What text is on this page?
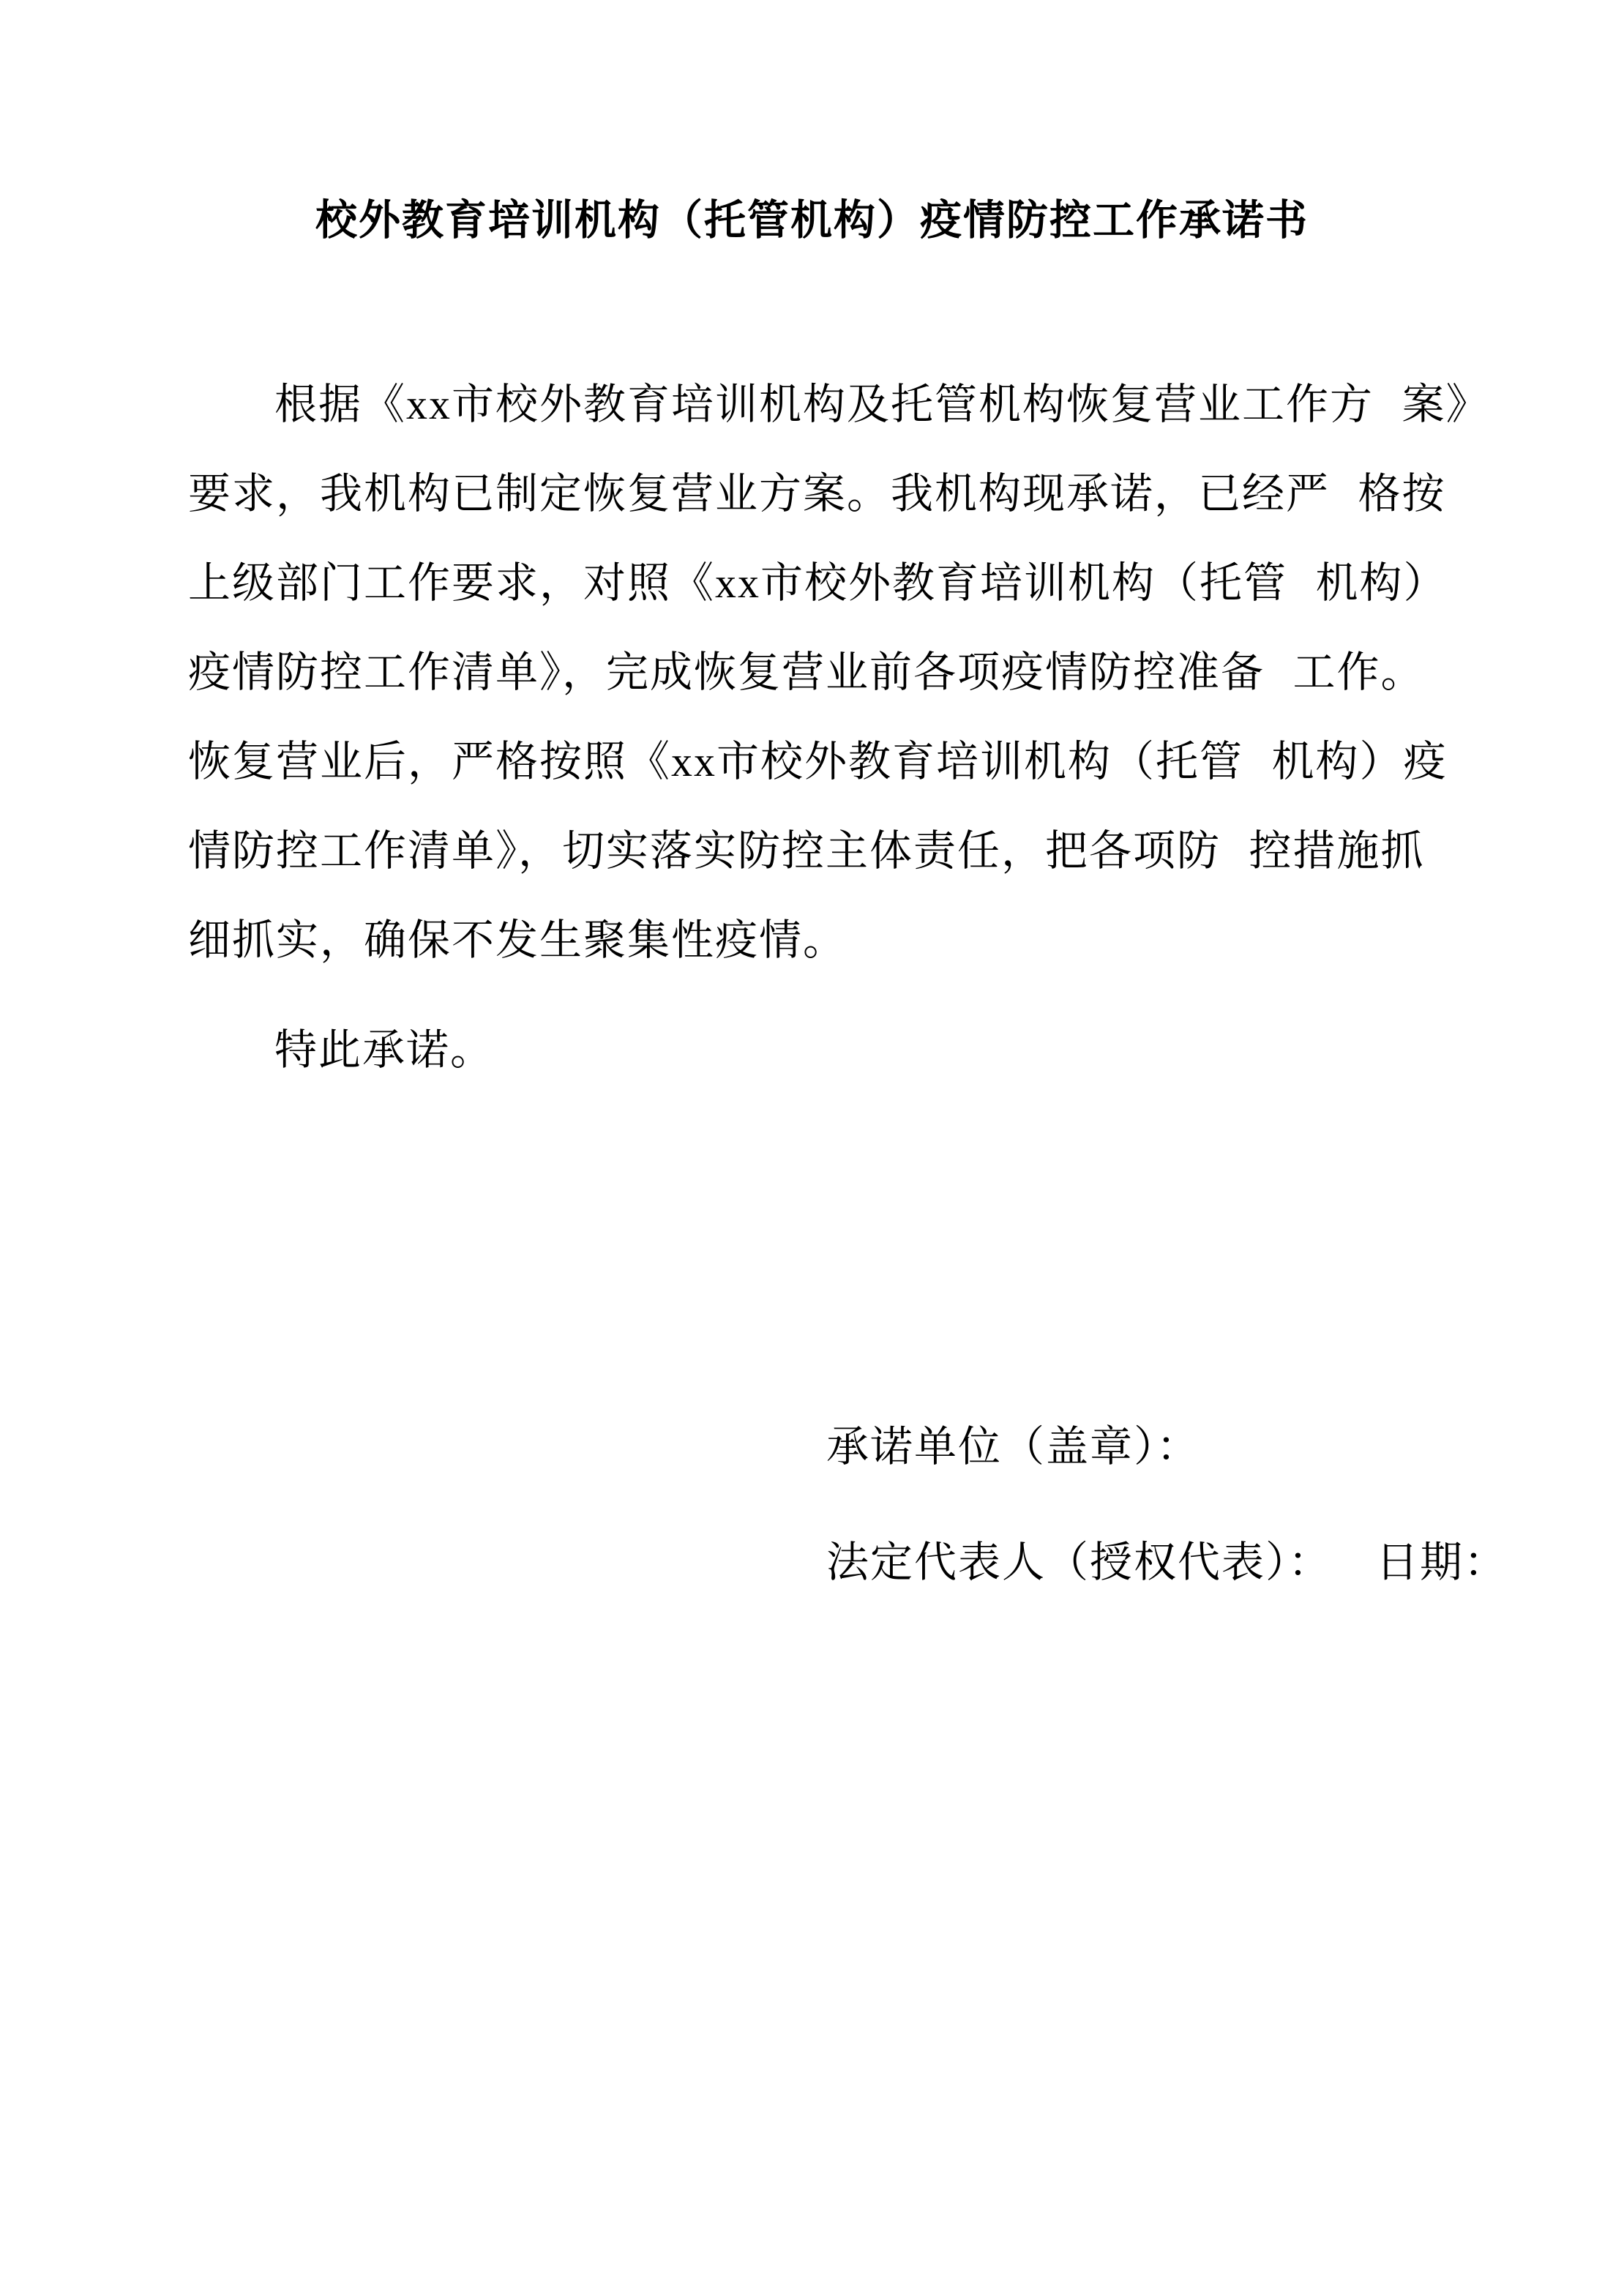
校外教育培训机构（托管机构）疫情防控工作承诺书
根据《xx市校外教育培训机构及托管机构恢复营业工作方 案》
要求，我机构已制定恢复营业方案。我机构现承诺，已经严 格按
上级部门工作要求，对照《xx市校外教育培训机构（托管 机构）
疫情防控工作清单》，完成恢复营业前各项疫情防控准备 工作。
恢复营业后，严格按照《xx市校外教育培训机构（托管 机构）疫
情防控工作清单》，切实落实防控主体责任，把各项防 控措施抓
细抓实，确保不发生聚集性疫情。
特此承诺。

承诺单位（盖章）：

法定代表人（授权代表）： 日期：
